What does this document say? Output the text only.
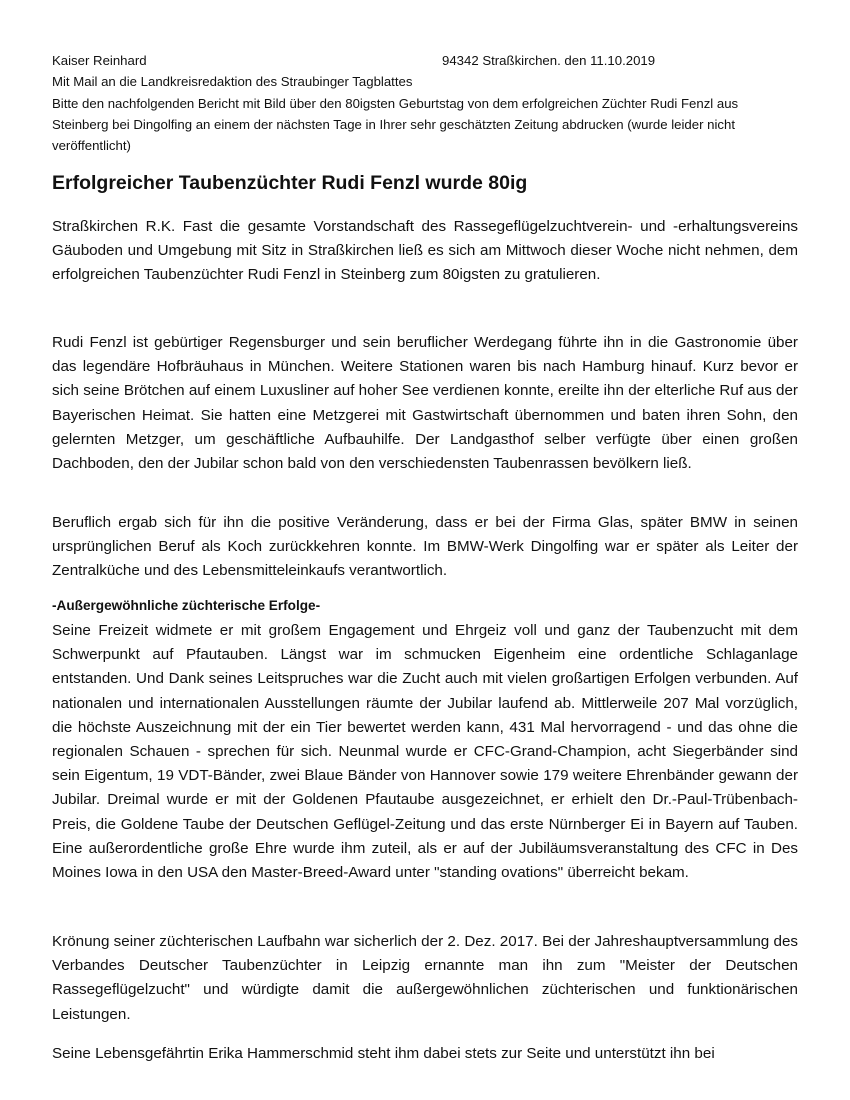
Kaiser Reinhard	94342 Straßkirchen. den 11.10.2019
Mit Mail an die Landkreisredaktion des Straubinger Tagblattes
Bitte den nachfolgenden Bericht mit Bild über den 80igsten Geburtstag von dem erfolgreichen Züchter Rudi Fenzl aus Steinberg bei Dingolfing an einem der nächsten Tage in Ihrer sehr geschätzten Zeitung abdrucken (wurde leider nicht veröffentlicht)
Erfolgreicher Taubenzüchter Rudi Fenzl wurde 80ig

Straßkirchen R.K. Fast die gesamte Vorstandschaft des Rassegeflügelzuchtverein- und -erhaltungsvereins Gäuboden und Umgebung mit Sitz in Straßkirchen ließ es sich am Mittwoch dieser Woche nicht nehmen, dem erfolgreichen Taubenzüchter Rudi Fenzl in Steinberg zum 80igsten zu gratulieren.

Rudi Fenzl ist gebürtiger Regensburger und sein beruflicher Werdegang führte ihn in die Gastronomie über das legendäre Hofbräuhaus in München. Weitere Stationen waren bis nach Hamburg hinauf. Kurz bevor er sich seine Brötchen auf einem Luxusliner auf hoher See verdienen konnte, ereilte ihn der elterliche Ruf aus der Bayerischen Heimat. Sie hatten eine Metzgerei mit Gastwirtschaft übernommen und baten ihren Sohn, den gelernten Metzger, um geschäftliche Aufbauhilfe. Der Landgasthof selber verfügte über einen großen Dachboden, den der Jubilar schon bald von den verschiedensten Taubenrassen bevölkern ließ.

Beruflich ergab sich für ihn die positive Veränderung, dass er bei der Firma Glas, später BMW in seinen ursprünglichen Beruf als Koch zurückkehren konnte. Im BMW-Werk Dingolfing war er später als Leiter der Zentralküche und des Lebensmitteleinkaufs verantwortlich.

-Außergewöhnliche züchterische Erfolge-

Seine Freizeit widmete er mit großem Engagement und Ehrgeiz voll und ganz der Taubenzucht mit dem Schwerpunkt auf Pfautauben. Längst war im schmucken Eigenheim eine ordentliche Schlaganlage entstanden. Und Dank seines Leitspruches war die Zucht auch mit vielen großartigen Erfolgen verbunden. Auf nationalen und internationalen Ausstellungen räumte der Jubilar laufend ab. Mittlerweile 207 Mal vorzüglich, die höchste Auszeichnung mit der ein Tier bewertet werden kann, 431 Mal hervorragend - und das ohne die regionalen Schauen - sprechen für sich. Neunmal wurde er CFC-Grand-Champion, acht Siegerbänder sind sein Eigentum, 19 VDT-Bänder, zwei Blaue Bänder von Hannover sowie 179 weitere Ehrenbänder gewann der Jubilar. Dreimal wurde er mit der Goldenen Pfautaube ausgezeichnet, er erhielt den Dr.-Paul-Trübenbach-Preis, die Goldene Taube der Deutschen Geflügel-Zeitung und das erste Nürnberger Ei in Bayern auf Tauben. Eine außerordentliche große Ehre wurde ihm zuteil, als er auf der Jubiläumsveranstaltung des CFC in Des Moines Iowa in den USA den Master-Breed-Award unter "standing ovations" überreicht bekam.

Krönung seiner züchterischen Laufbahn war sicherlich der 2. Dez. 2017. Bei der Jahreshauptversammlung des Verbandes Deutscher Taubenzüchter in Leipzig ernannte man ihn zum "Meister der Deutschen Rassegeflügelzucht" und würdigte damit die außergewöhnlichen züchterischen und funktionärischen Leistungen.

Seine Lebensgefährtin Erika Hammerschmid steht ihm dabei stets zur Seite und unterstützt ihn bei
